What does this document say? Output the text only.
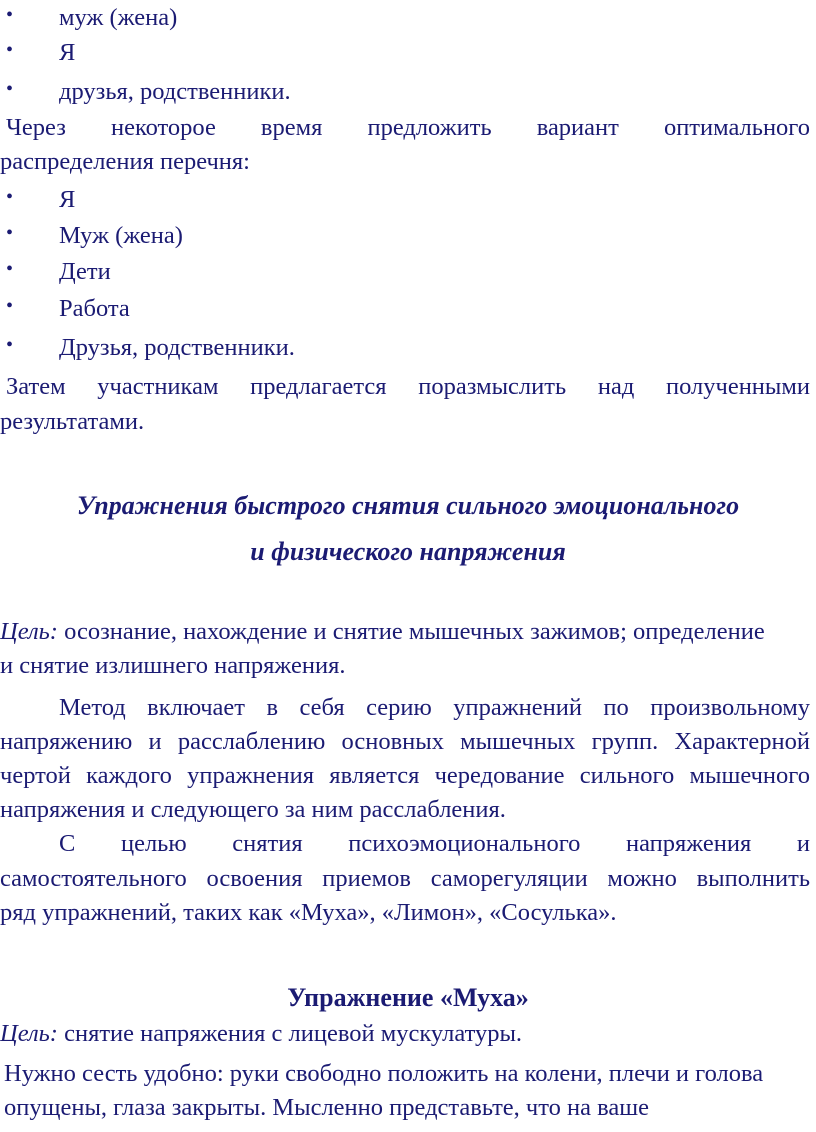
• муж (жена)
• Я
• друзья, родственники.
Через некоторое время предложить вариант оптимального
распределения перечня:
• Я
• Муж (жена)
• Дети
• Работа
• Друзья, родственники.
Затем участникам предлагается поразмыслить над полученными
результатами.
Упражнения быстрого снятия сильного эмоционального
и физического напряжения
Цель: осознание, нахождение и снятие мышечных зажимов; определение
и снятие излишнего напряжения.
Метод включает в себя серию упражнений по произвольному
напряжению и расслаблению основных мышечных групп. Характерной
чертой каждого упражнения является чередование сильного мышечного
напряжения и следующего за ним расслабления.
С целью снятия психоэмоционального напряжения и
самостоятельного освоения приемов саморегуляции можно выполнить
ряд упражнений, таких как «Муха», «Лимон», «Сосулька».
Упражнение «Муха»
Цель: снятие напряжения с лицевой мускулатуры.
Нужно сесть удобно: руки свободно положить на колени, плечи и голова
опущены, глаза закрыты. Мысленно представьте, что на ваше
